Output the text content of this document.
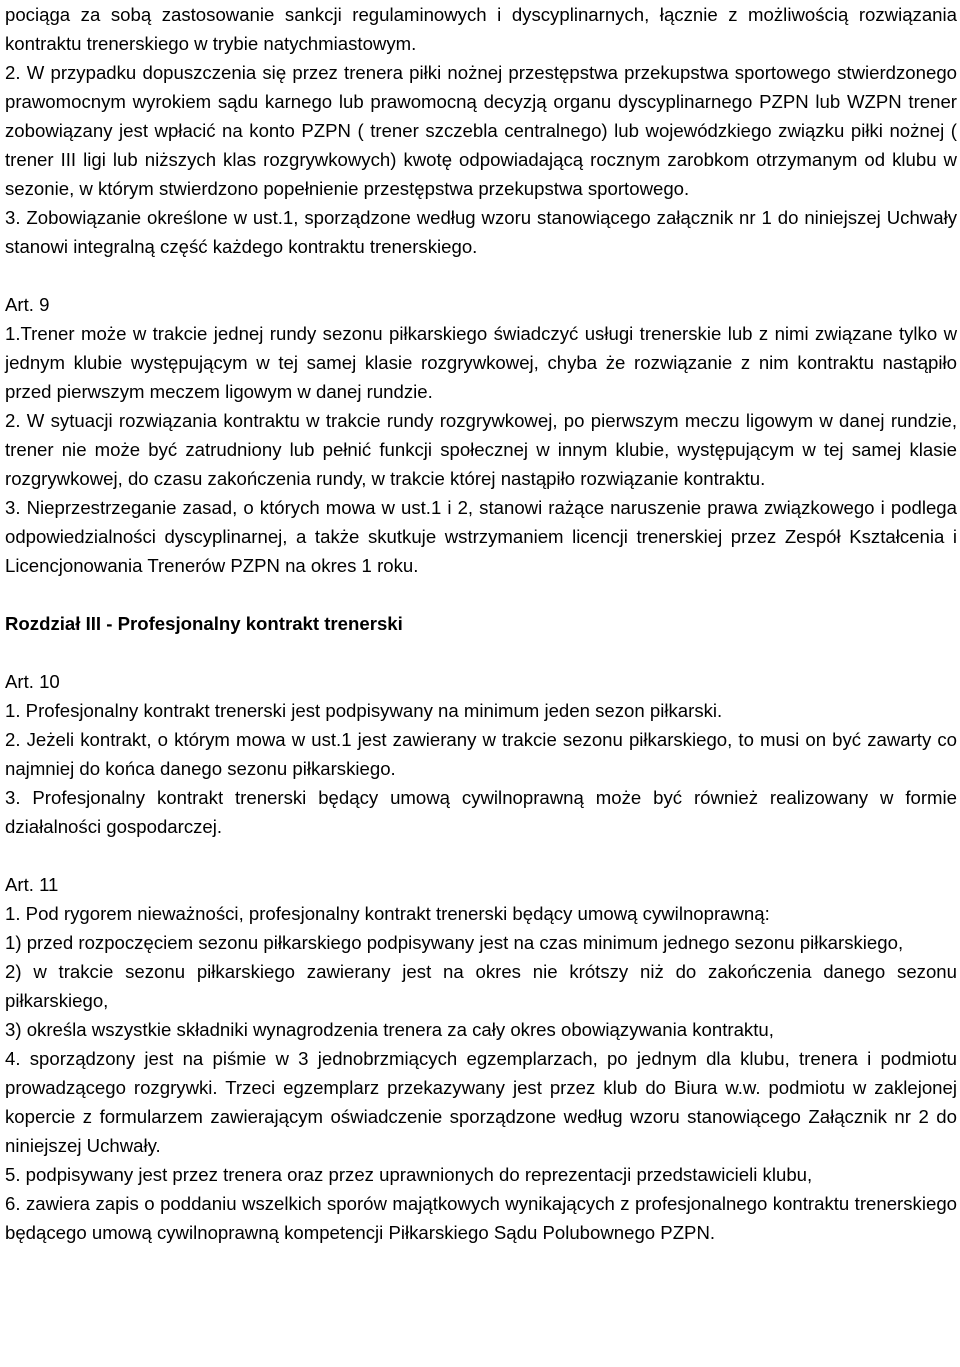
pociąga za sobą zastosowanie sankcji regulaminowych i dyscyplinarnych, łącznie z możliwością rozwiązania kontraktu trenerskiego w trybie natychmiastowym.

2. W przypadku dopuszczenia się przez trenera piłki nożnej przestępstwa przekupstwa sportowego stwierdzonego prawomocnym wyrokiem sądu karnego lub prawomocną decyzją organu dyscyplinarnego PZPN lub WZPN trener zobowiązany jest wpłacić na konto PZPN ( trener szczebla centralnego) lub wojewódzkiego związku piłki nożnej ( trener III ligi lub niższych klas rozgrywkowych) kwotę odpowiadającą rocznym zarobkom otrzymanym od klubu w sezonie, w którym stwierdzono popełnienie przestępstwa przekupstwa sportowego.

3. Zobowiązanie określone w ust.1, sporządzone według wzoru stanowiącego załącznik nr 1 do niniejszej Uchwały stanowi integralną część każdego kontraktu trenerskiego.

Art. 9

1.Trener może w trakcie jednej rundy sezonu piłkarskiego świadczyć usługi trenerskie lub z nimi związane tylko w jednym klubie występującym w tej samej klasie rozgrywkowej, chyba że rozwiązanie z nim kontraktu nastąpiło przed pierwszym meczem ligowym w danej rundzie.

2. W sytuacji rozwiązania kontraktu w trakcie rundy rozgrywkowej, po pierwszym meczu ligowym w danej rundzie, trener nie może być zatrudniony lub pełnić funkcji społecznej w innym klubie, występującym w tej samej klasie rozgrywkowej, do czasu zakończenia rundy, w trakcie której nastąpiło rozwiązanie kontraktu.

3. Nieprzestrzeganie zasad, o których mowa w ust.1 i 2, stanowi rażące naruszenie prawa związkowego i podlega odpowiedzialności dyscyplinarnej, a także skutkuje wstrzymaniem licencji trenerskiej przez Zespół Kształcenia i Licencjonowania Trenerów PZPN na okres 1 roku.

Rozdział III - Profesjonalny kontrakt trenerski

Art. 10

1. Profesjonalny kontrakt trenerski jest podpisywany na minimum jeden sezon piłkarski.

2. Jeżeli kontrakt, o którym mowa w ust.1 jest zawierany w trakcie sezonu piłkarskiego, to musi on być zawarty co najmniej do końca danego sezonu piłkarskiego.

3. Profesjonalny kontrakt trenerski będący umową cywilnoprawną może być również realizowany w formie działalności gospodarczej.

Art. 11

1. Pod rygorem nieważności, profesjonalny kontrakt trenerski będący umową cywilnoprawną:

1) przed rozpoczęciem sezonu piłkarskiego podpisywany jest na czas minimum jednego sezonu piłkarskiego,

2) w trakcie sezonu piłkarskiego zawierany jest na okres nie krótszy niż do zakończenia danego sezonu piłkarskiego,

3) określa wszystkie składniki wynagrodzenia trenera za cały okres obowiązywania kontraktu,

4. sporządzony jest na piśmie w 3 jednobrzmiących egzemplarzach, po jednym dla klubu, trenera i podmiotu prowadzącego rozgrywki. Trzeci egzemplarz przekazywany jest przez klub do Biura w.w. podmiotu w zaklejonej kopercie z formularzem zawierającym oświadczenie sporządzone według wzoru stanowiącego Załącznik nr 2 do niniejszej Uchwały.

5. podpisywany jest przez trenera oraz przez uprawnionych do reprezentacji przedstawicieli klubu,

6. zawiera zapis o poddaniu wszelkich sporów majątkowych wynikających z profesjonalnego kontraktu trenerskiego będącego umową cywilnoprawną kompetencji Piłkarskiego Sądu Polubownego PZPN.
